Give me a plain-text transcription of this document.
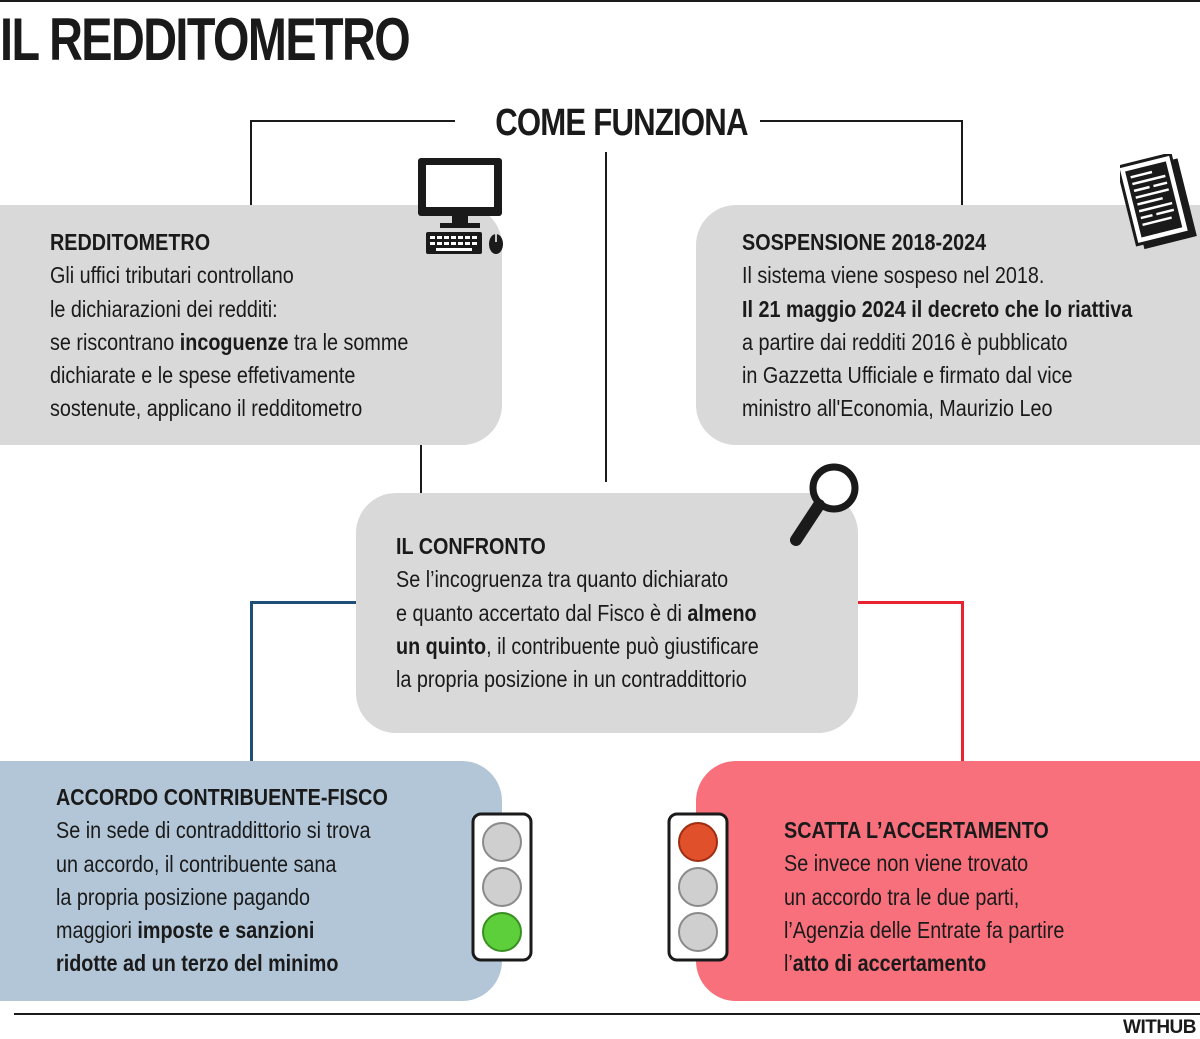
IL REDDITOMETRO
COME FUNZIONA
REDDITOMETRO
Gli uffici tributari controllano
le dichiarazioni dei redditi:
se riscontrano incoguenze tra le somme
dichiarate e le spese effetivamente
sostenute, applicano il redditometro
SOSPENSIONE 2018-2024
Il sistema viene sospeso nel 2018.
Il 21 maggio 2024 il decreto che lo riattiva
a partire dai redditi 2016 è pubblicato
in Gazzetta Ufficiale e firmato dal vice
ministro all'Economia, Maurizio Leo
IL CONFRONTO
Se l’incogruenza tra quanto dichiarato
e quanto accertato dal Fisco è di almeno
un quinto, il contribuente può giustificare
la propria posizione in un contraddittorio
ACCORDO CONTRIBUENTE-FISCO
Se in sede di contraddittorio si trova
un accordo, il contribuente sana
la propria posizione pagando
maggiori imposte e sanzioni
ridotte ad un terzo del minimo
SCATTA L’ACCERTAMENTO
Se invece non viene trovato
un accordo tra le due parti,
l’Agenzia delle Entrate fa partire
l’atto di accertamento
WITHUB
